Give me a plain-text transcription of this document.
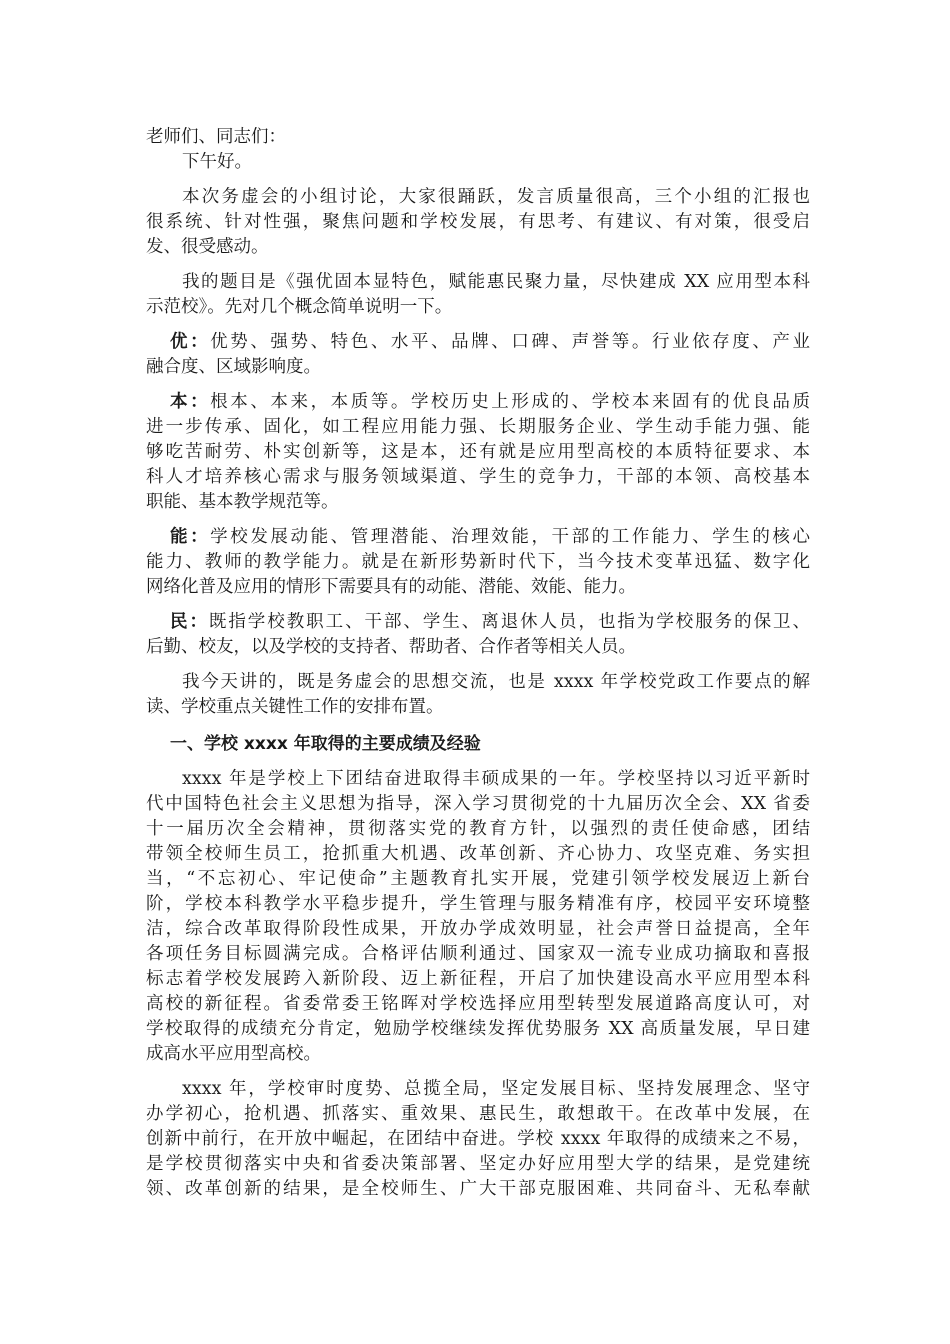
老师们、同志们：
下午好。
本次务虚会的小组讨论，大家很踊跃，发言质量很高，三个小组的汇报也
很系统、针对性强，聚焦问题和学校发展，有思考、有建议、有对策，很受启
发、很受感动。
我的题目是《强优固本显特色，赋能惠民聚力量，尽快建成 XX 应用型本科
示范校》。先对几个概念简单说明一下。
优：优势、强势、特色、水平、品牌、口碑、声誉等。行业依存度、产业
融合度、区域影响度。
本：根本、本来，本质等。学校历史上形成的、学校本来固有的优良品质
进一步传承、固化，如工程应用能力强、长期服务企业、学生动手能力强、能
够吃苦耐劳、朴实创新等，这是本，还有就是应用型高校的本质特征要求、本
科人才培养核心需求与服务领域渠道、学生的竞争力，干部的本领、高校基本
职能、基本教学规范等。
能：学校发展动能、管理潜能、治理效能，干部的工作能力、学生的核心
能力、教师的教学能力。就是在新形势新时代下，当今技术变革迅猛、数字化
网络化普及应用的情形下需要具有的动能、潜能、效能、能力。
民：既指学校教职工、干部、学生、离退休人员，也指为学校服务的保卫、
后勤、校友，以及学校的支持者、帮助者、合作者等相关人员。
我今天讲的，既是务虚会的思想交流，也是 xxxx 年学校党政工作要点的解
读、学校重点关键性工作的安排布置。
一、学校 xxxx 年取得的主要成绩及经验
xxxx 年是学校上下团结奋进取得丰硕成果的一年。学校坚持以习近平新时
代中国特色社会主义思想为指导，深入学习贯彻党的十九届历次全会、XX 省委
十一届历次全会精神，贯彻落实党的教育方针，以强烈的责任使命感，团结
带领全校师生员工，抢抓重大机遇、改革创新、齐心协力、攻坚克难、务实担
当，“不忘初心、牢记使命”主题教育扎实开展，党建引领学校发展迈上新台
阶，学校本科教学水平稳步提升，学生管理与服务精准有序，校园平安环境整
洁，综合改革取得阶段性成果，开放办学成效明显，社会声誉日益提高，全年
各项任务目标圆满完成。合格评估顺利通过、国家双一流专业成功摘取和喜报
标志着学校发展跨入新阶段、迈上新征程，开启了加快建设高水平应用型本科
高校的新征程。省委常委王铭晖对学校选择应用型转型发展道路高度认可，对
学校取得的成绩充分肯定，勉励学校继续发挥优势服务 XX 高质量发展，早日建
成高水平应用型高校。
xxxx 年，学校审时度势、总揽全局，坚定发展目标、坚持发展理念、坚守
办学初心，抢机遇、抓落实、重效果、惠民生，敢想敢干。在改革中发展，在
创新中前行，在开放中崛起，在团结中奋进。学校 xxxx 年取得的成绩来之不易，
是学校贯彻落实中央和省委决策部署、坚定办好应用型大学的结果，是党建统
领、改革创新的结果，是全校师生、广大干部克服困难、共同奋斗、无私奉献
